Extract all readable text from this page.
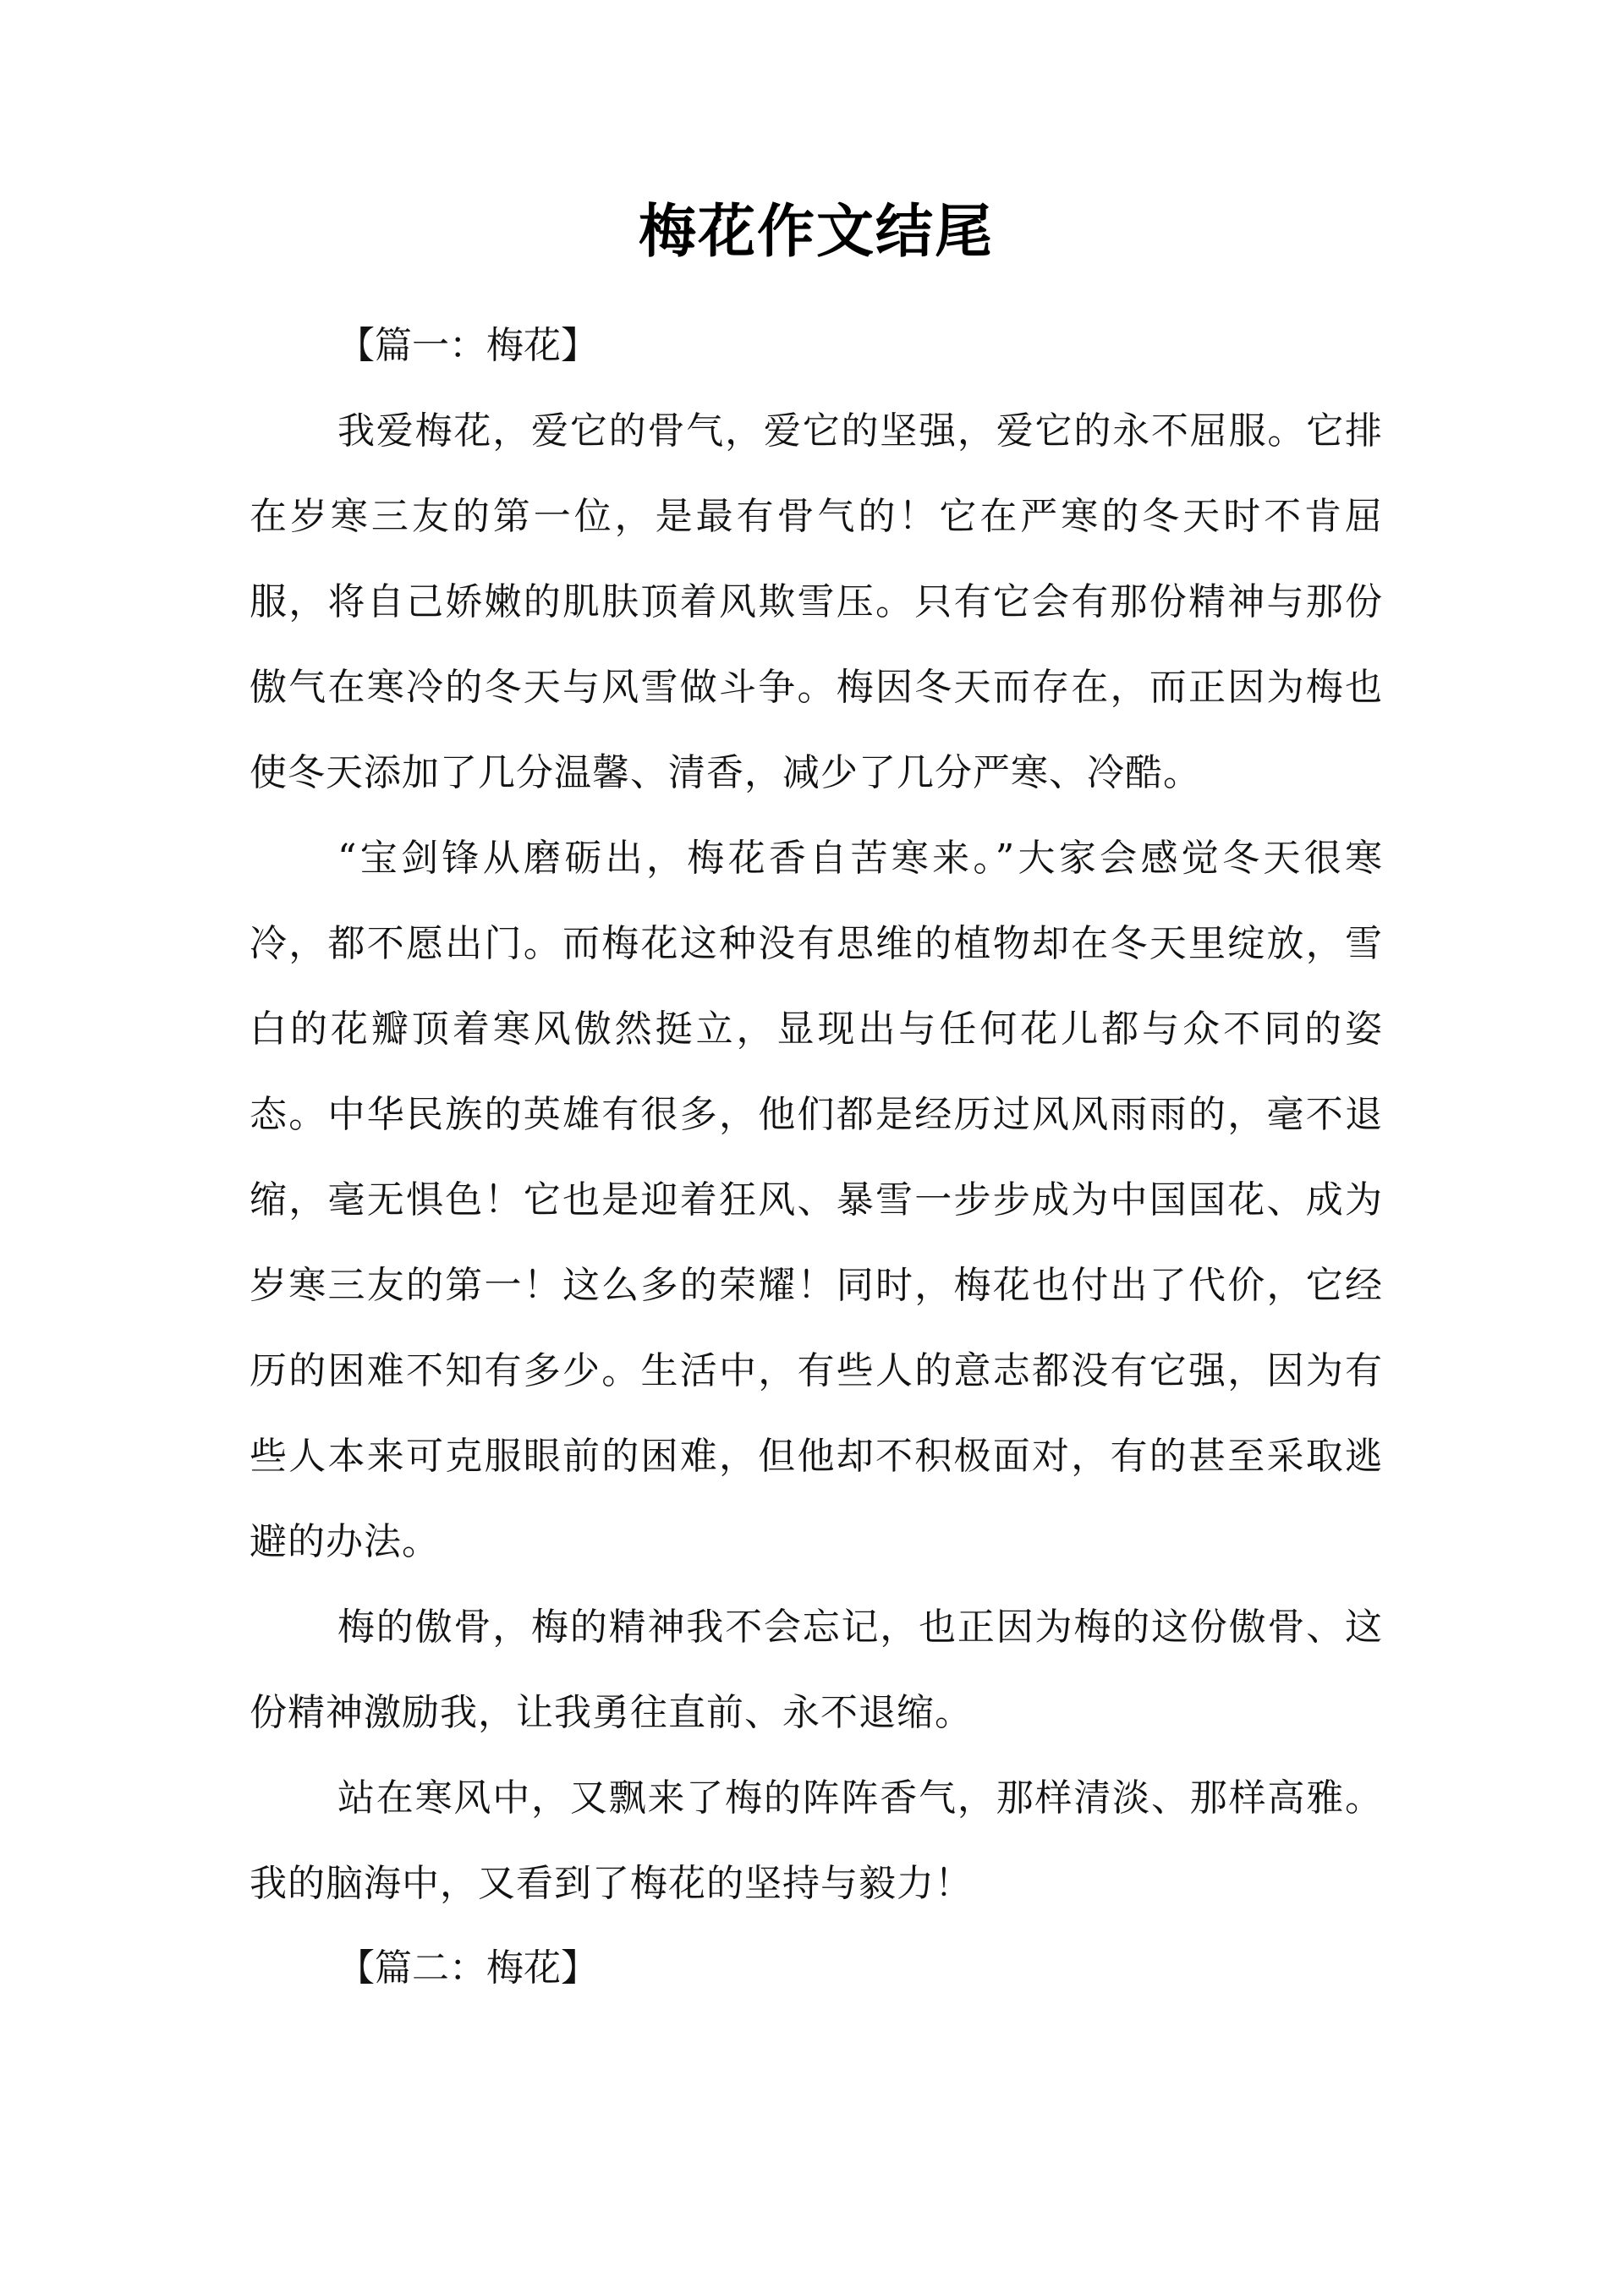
梅花作文结尾
【篇一：梅花】

我爱梅花，爱它的骨气，爱它的坚强，爱它的永不屈服。它排在岁寒三友的第一位，是最有骨气的！它在严寒的冬天时不肯屈服，将自己娇嫩的肌肤顶着风欺雪压。只有它会有那份精神与那份傲气在寒冷的冬天与风雪做斗争。梅因冬天而存在，而正因为梅也使冬天添加了几分温馨、清香，减少了几分严寒、冷酷。

“宝剑锋从磨砺出，梅花香自苦寒来。”大家会感觉冬天很寒冷，都不愿出门。而梅花这种没有思维的植物却在冬天里绽放，雪白的花瓣顶着寒风傲然挺立，显现出与任何花儿都与众不同的姿态。中华民族的英雄有很多，他们都是经历过风风雨雨的，毫不退缩，毫无惧色！它也是迎着狂风、暴雪一步步成为中国国花、成为岁寒三友的第一！这么多的荣耀！同时，梅花也付出了代价，它经历的困难不知有多少。生活中，有些人的意志都没有它强，因为有些人本来可克服眼前的困难，但他却不积极面对，有的甚至采取逃避的办法。

梅的傲骨，梅的精神我不会忘记，也正因为梅的这份傲骨、这份精神激励我，让我勇往直前、永不退缩。

站在寒风中，又飘来了梅的阵阵香气，那样清淡、那样高雅。我的脑海中，又看到了梅花的坚持与毅力！

【篇二：梅花】
